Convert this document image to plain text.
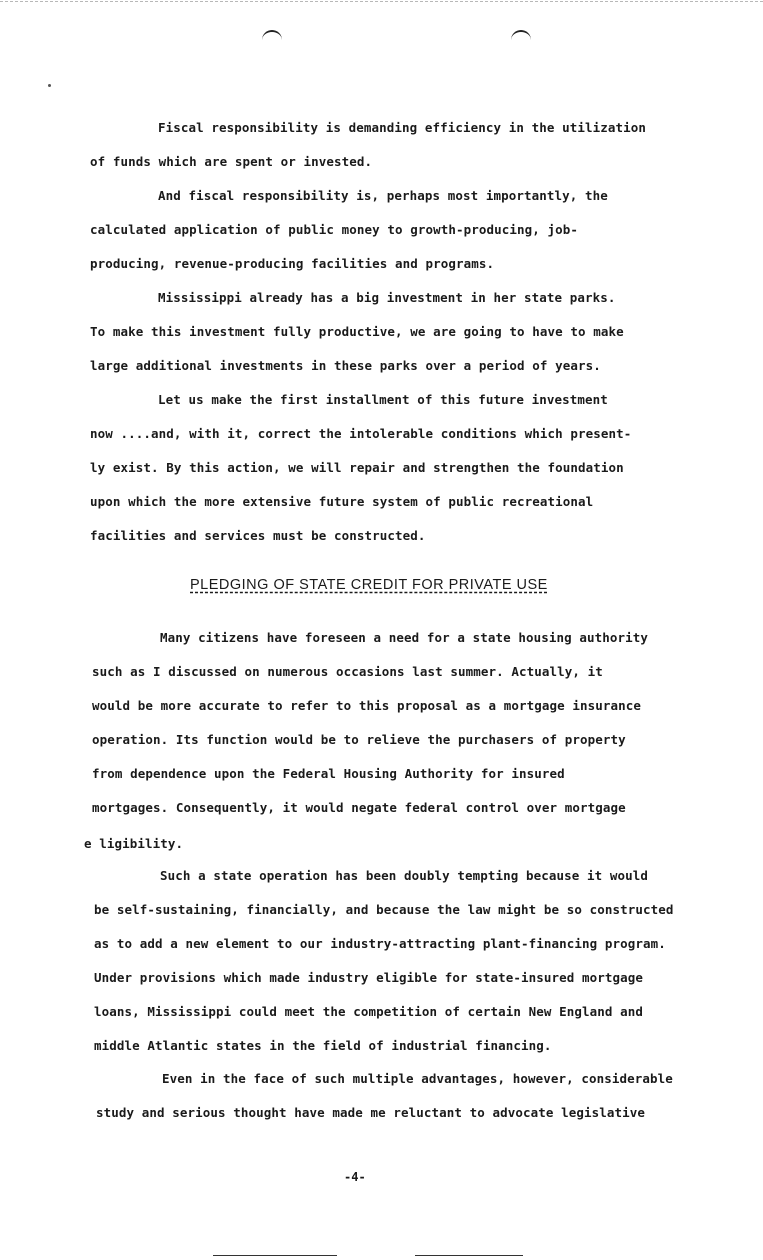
Fiscal responsibility is demanding efficiency in the utilization
of funds which are spent or invested.
And fiscal responsibility is, perhaps most importantly, the
calculated application of public money to growth-producing, job-
producing, revenue-producing facilities and programs.
Mississippi already has a big investment in her state parks.
To make this investment fully productive, we are going to have to make
large additional investments in these parks over a period of years.
Let us make the first installment of this future investment
now ....and, with it, correct the intolerable conditions which present-
ly exist. By this action, we will repair and strengthen the foundation
upon which the more extensive future system of public recreational
facilities and services must be constructed.
PLEDGING OF STATE CREDIT FOR PRIVATE USE
Many citizens have foreseen a need for a state housing authority
such as I discussed on numerous occasions last summer. Actually, it
would be more accurate to refer to this proposal as a mortgage insurance
operation. Its function would be to relieve the purchasers of property
from dependence upon the Federal Housing Authority for insured
mortgages. Consequently, it would negate federal control over mortgage
e ligibility.
Such a state operation has been doubly tempting because it would
be self-sustaining, financially, and because the law might be so constructed
as to add a new element to our industry-attracting plant-financing program.
Under provisions which made industry eligible for state-insured mortgage
loans, Mississippi could meet the competition of certain New England and
middle Atlantic states in the field of industrial financing.
Even in the face of such multiple advantages, however, considerable
study and serious thought have made me reluctant to advocate legislative
-4-
